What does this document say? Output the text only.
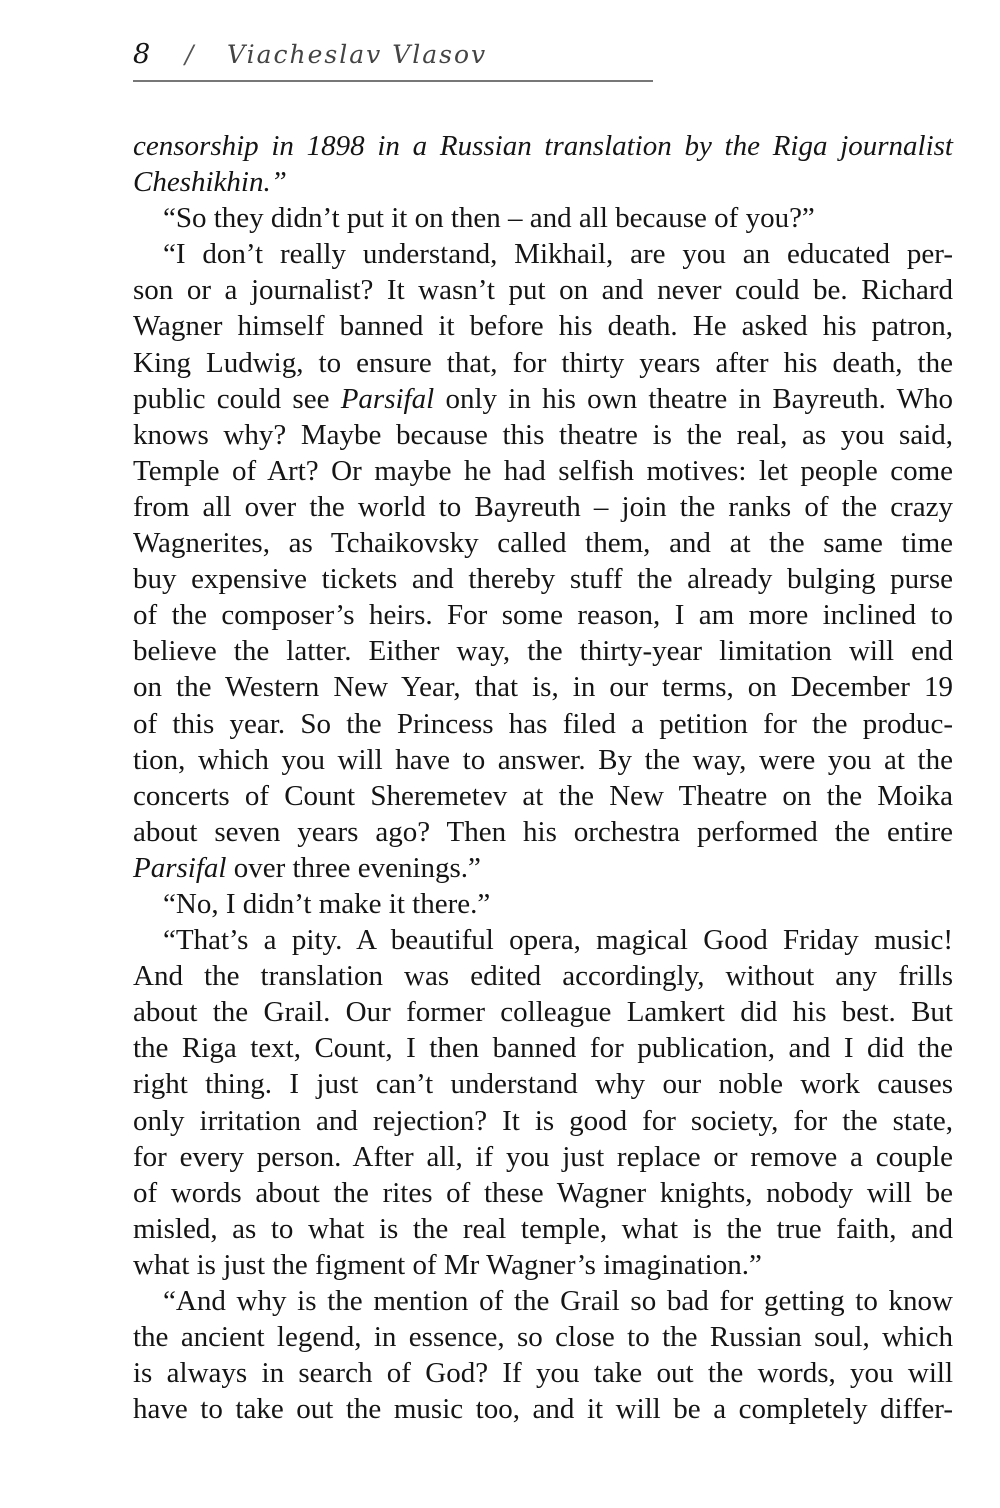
8 / Viacheslav Vlasov
censorship in 1898 in a Russian translation by the Riga journalist
Cheshikhin.”
“So they didn’t put it on then – and all because of you?”
“I don’t really understand, Mikhail, are you an educated per-
son or a journalist? It wasn’t put on and never could be. Richard
Wagner himself banned it before his death. He asked his patron,
King Ludwig, to ensure that, for thirty years after his death, the
public could see Parsifal only in his own theatre in Bayreuth. Who
knows why? Maybe because this theatre is the real, as you said,
Temple of Art? Or maybe he had selfish motives: let people come
from all over the world to Bayreuth – join the ranks of the crazy
Wagnerites, as Tchaikovsky called them, and at the same time
buy expensive tickets and thereby stuff the already bulging purse
of the composer’s heirs. For some reason, I am more inclined to
believe the latter. Either way, the thirty-year limitation will end
on the Western New Year, that is, in our terms, on December 19
of this year. So the Princess has filed a petition for the produc-
tion, which you will have to answer. By the way, were you at the
concerts of Count Sheremetev at the New Theatre on the Moika
about seven years ago? Then his orchestra performed the entire
Parsifal over three evenings.”
“No, I didn’t make it there.”
“That’s a pity. A beautiful opera, magical Good Friday music!
And the translation was edited accordingly, without any frills
about the Grail. Our former colleague Lamkert did his best. But
the Riga text, Count, I then banned for publication, and I did the
right thing. I just can’t understand why our noble work causes
only irritation and rejection? It is good for society, for the state,
for every person. After all, if you just replace or remove a couple
of words about the rites of these Wagner knights, nobody will be
misled, as to what is the real temple, what is the true faith, and
what is just the figment of Mr Wagner’s imagination.”
“And why is the mention of the Grail so bad for getting to know
the ancient legend, in essence, so close to the Russian soul, which
is always in search of God? If you take out the words, you will
have to take out the music too, and it will be a completely differ-
